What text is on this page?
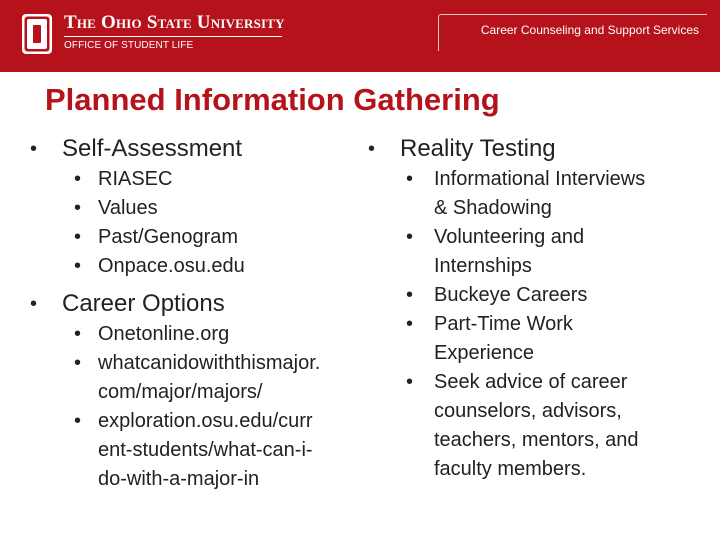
The Ohio State University
OFFICE OF STUDENT LIFE
Career Counseling and Support Services
Planned Information Gathering
• Self-Assessment
• RIASEC
• Values
• Past/Genogram
• Onpace.osu.edu
• Career Options
• Onetonline.org
• whatcanidowiththismajor.
com/major/majors/
• exploration.osu.edu/curr
ent-students/what-can-i-
do-with-a-major-in
• Reality Testing
• Informational Interviews
& Shadowing
• Volunteering and
Internships
• Buckeye Careers
• Part-Time Work
Experience
• Seek advice of career
counselors, advisors,
teachers, mentors, and
faculty members.
